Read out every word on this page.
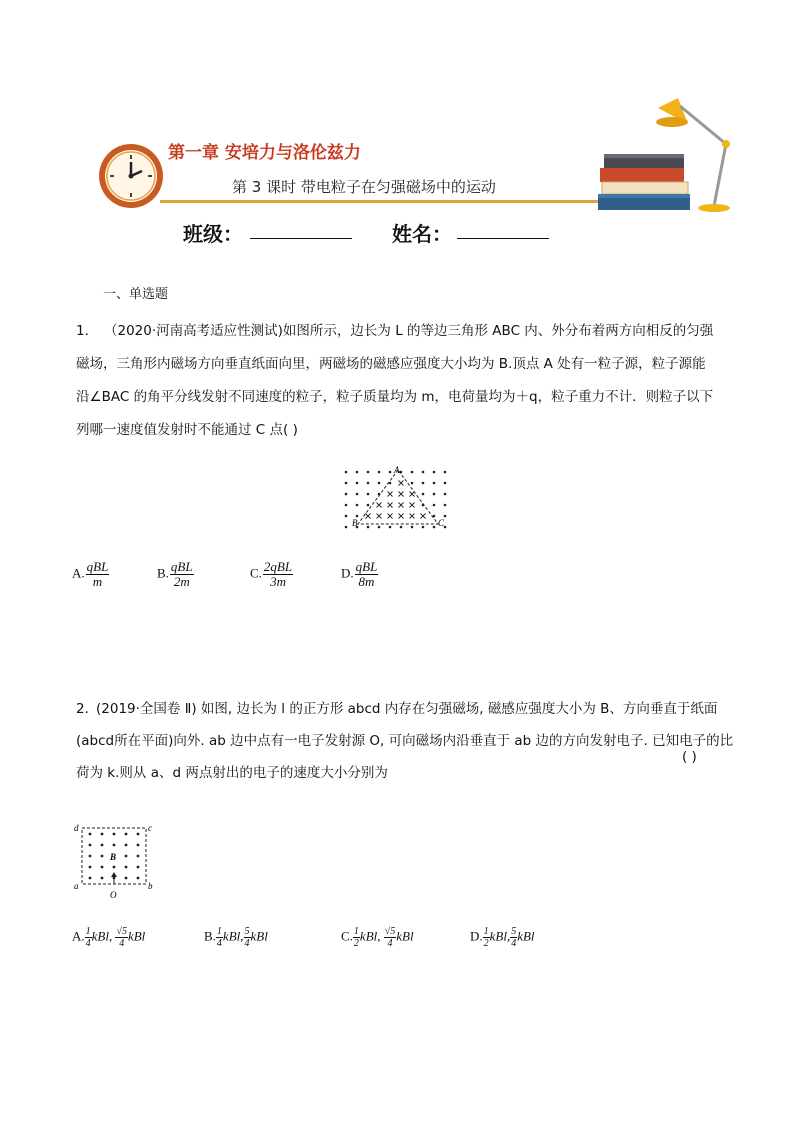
第一章 安培力与洛伦兹力
第 3 课时 带电粒子在匀强磁场中的运动
班级：	姓名：
一、单选题
1． （2020·河南高考适应性测试)如图所示，边长为 L 的等边三角形 ABC 内、外分布着两方向相反的匀强
磁场，三角形内磁场方向垂直纸面向里，两磁场的磁感应强度大小均为 B.顶点 A 处有一粒子源，粒子源能
沿∠BAC 的角平分线发射不同速度的粒子，粒子质量均为 m，电荷量均为＋q，粒子重力不计．则粒子以下
列哪一速度值发射时不能通过 C 点( )
A
B	C
A. $\frac{\text{qBL}}{m}$	B. $\frac{\text{qBL}}{2m}$	C. $\frac{\text{2qBL}}{3m}$	D. $\frac{\text{qBL}}{8m}$
2．
(2019·全国卷 Ⅱ) 如图, 边长为 l 的正方形 abcd 内存在匀强磁场, 磁感应强度大小为 B、方向垂直于纸面
(abcd所在平面)向外. ab 边中点有一电子发射源 O, 可向磁场内沿垂直于 ab 边的方向发射电子. 已知电子的比
荷为 k.则从 a、d 两点射出的电子的速度大小分别为
( )
d	c
a	b
B
O
A. $\frac{1}{4}$ kBl, $\frac{√5}{4}$ kBl	B. $\frac{1}{4}$ kBl, $\frac{5}{4}$ kBl	C. $\frac{1}{2}$ kBl, $\frac{√5}{4}$ kBl	D. $\frac{1}{2}$ kBl, $\frac{5}{4}$ kBl
